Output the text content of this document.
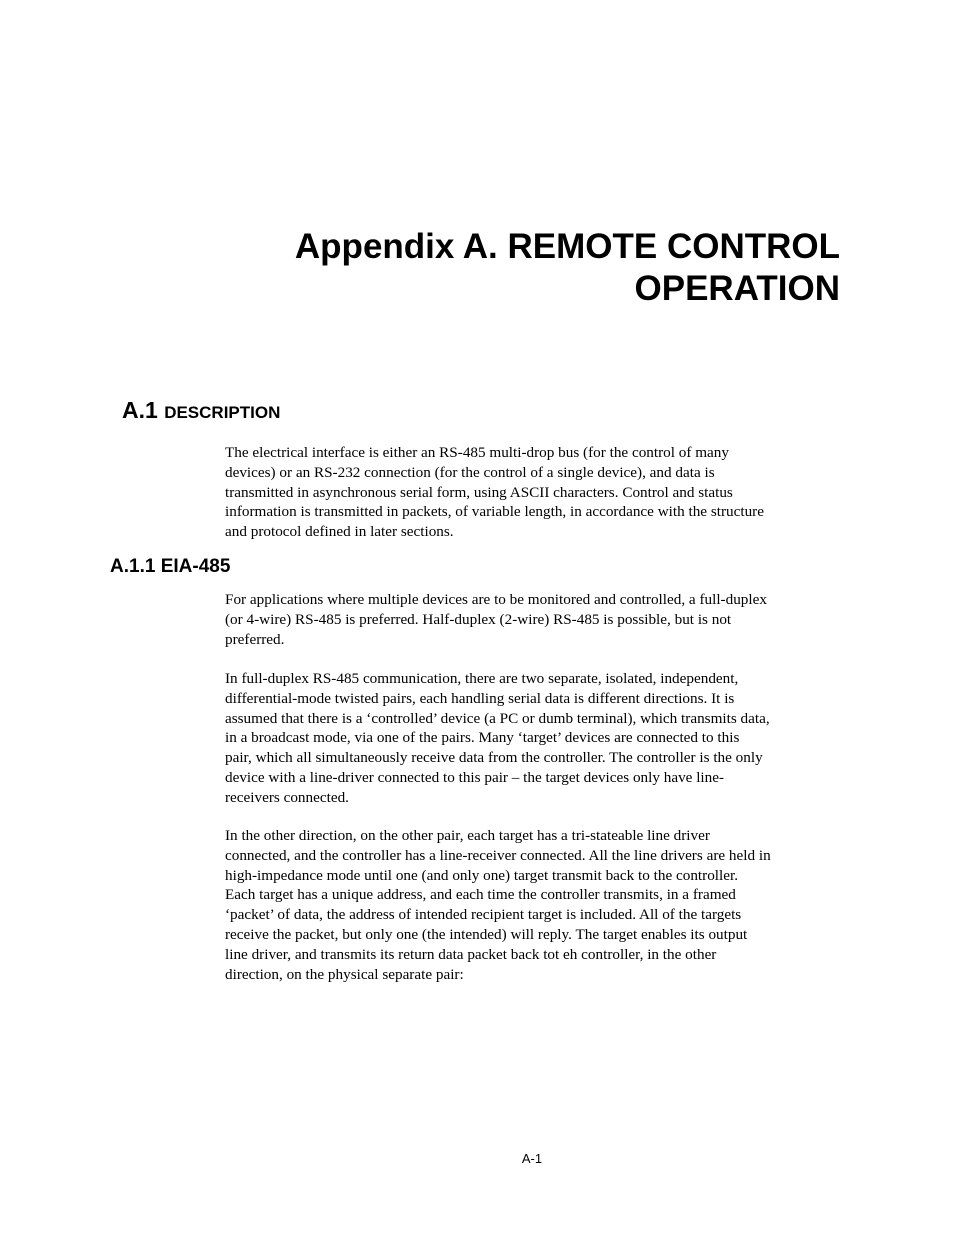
Appendix A. REMOTE CONTROL
OPERATION
A.1 DESCRIPTION
The electrical interface is either an RS-485 multi-drop bus (for the control of many
devices) or an RS-232 connection (for the control of a single device), and data is
transmitted in asynchronous serial form, using ASCII characters. Control and status
information is transmitted in packets, of variable length, in accordance with the structure
and protocol defined in later sections.
A.1.1 EIA-485
For applications where multiple devices are to be monitored and controlled, a full-duplex
(or 4-wire) RS-485 is preferred. Half-duplex (2-wire) RS-485 is possible, but is not
preferred.
In full-duplex RS-485 communication, there are two separate, isolated, independent,
differential-mode twisted pairs, each handling serial data is different directions. It is
assumed that there is a ‘controlled’ device (a PC or dumb terminal), which transmits data,
in a broadcast mode, via one of the pairs. Many ‘target’ devices are connected to this
pair, which all simultaneously receive data from the controller. The controller is the only
device with a line-driver connected to this pair – the target devices only have line-
receivers connected.
In the other direction, on the other pair, each target has a tri-stateable line driver
connected, and the controller has a line-receiver connected. All the line drivers are held in
high-impedance mode until one (and only one) target transmit back to the controller.
Each target has a unique address, and each time the controller transmits, in a framed
‘packet’ of data, the address of intended recipient target is included. All of the targets
receive the packet, but only one (the intended) will reply. The target enables its output
line driver, and transmits its return data packet back tot eh controller, in the other
direction, on the physical separate pair:
A-1
